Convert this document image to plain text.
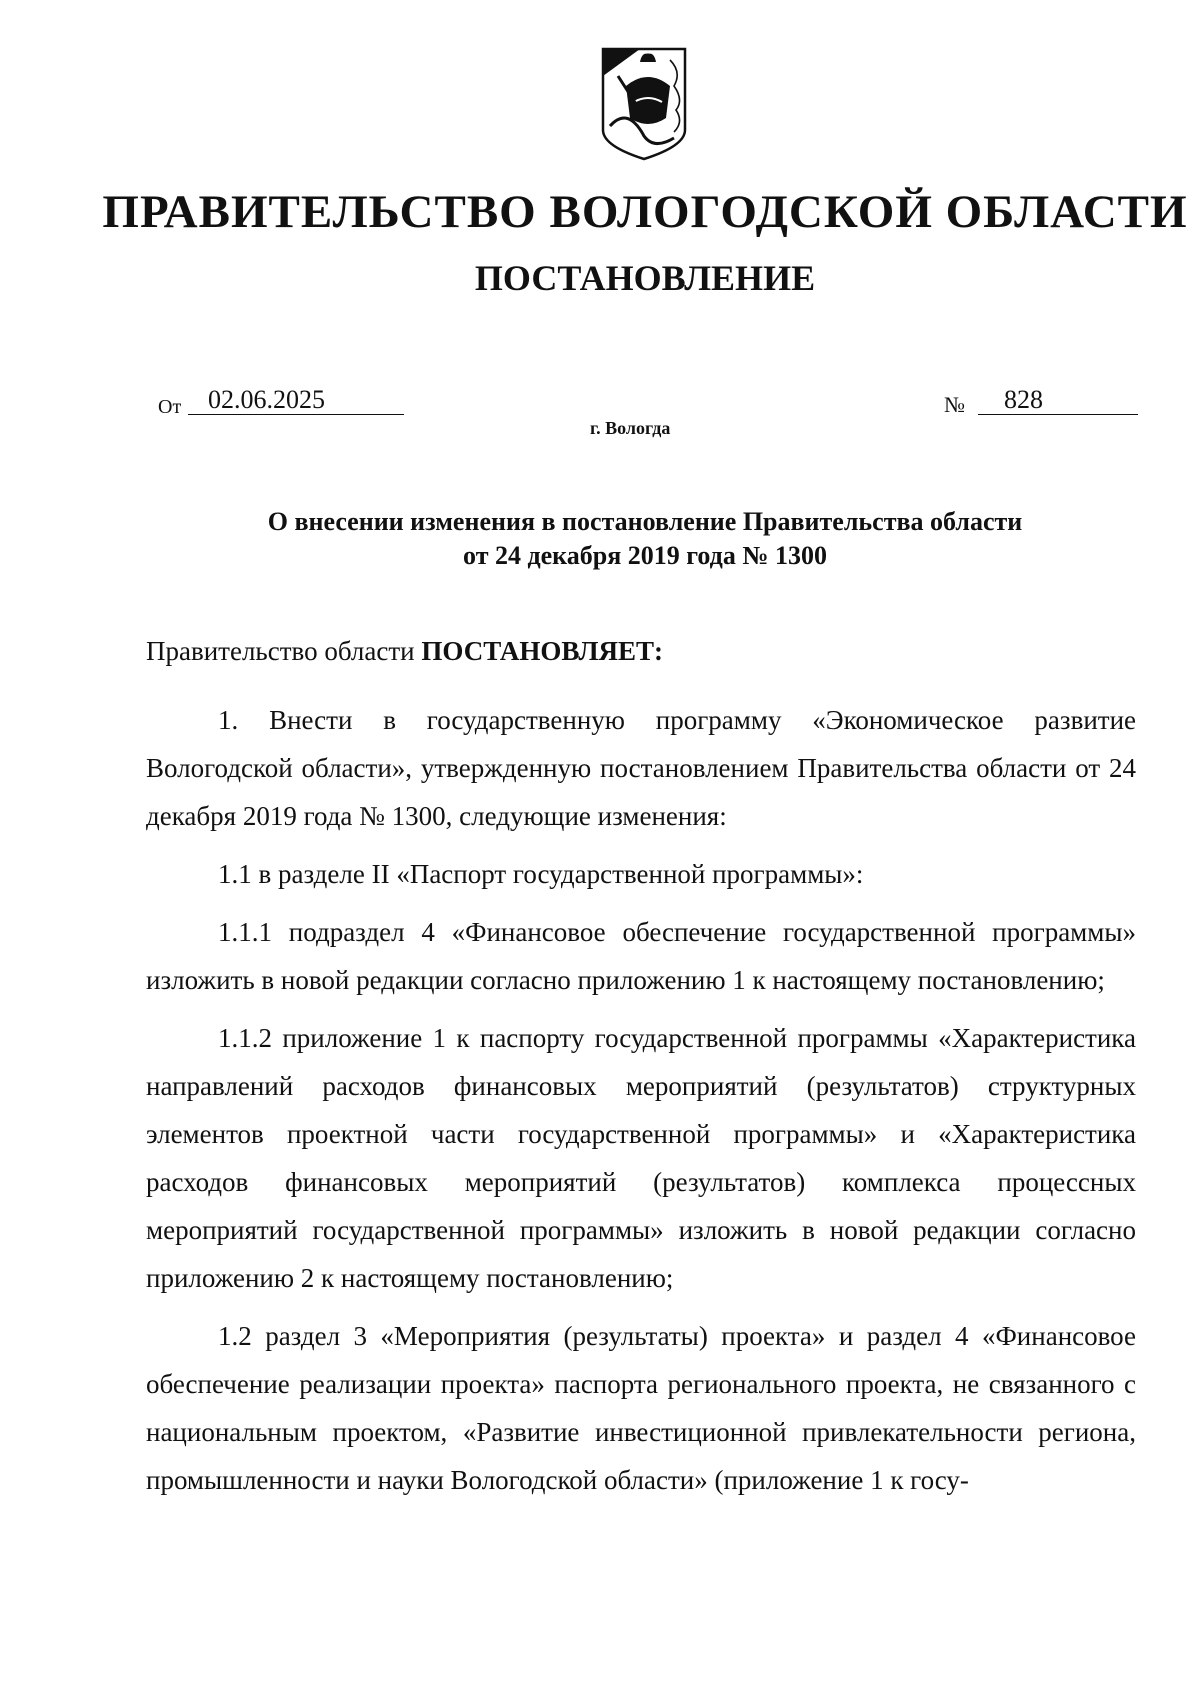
ПРАВИТЕЛЬСТВО ВОЛОГОДСКОЙ ОБЛАСТИ
ПОСТАНОВЛЕНИЕ
От 02.06.2025	№ 828
г. Вологда
О внесении изменения в постановление Правительства области
от 24 декабря 2019 года № 1300

Правительство области ПОСТАНОВЛЯЕТ:

1. Внести в государственную программу «Экономическое развитие Вологодской области», утвержденную постановлением Правительства области от 24 декабря 2019 года № 1300, следующие изменения:

1.1 в разделе II «Паспорт государственной программы»:

1.1.1 подраздел 4 «Финансовое обеспечение государственной программы» изложить в новой редакции согласно приложению 1 к настоящему постановлению;

1.1.2 приложение 1 к паспорту государственной программы «Характеристика направлений расходов финансовых мероприятий (результатов) структурных элементов проектной части государственной программы» и «Характеристика расходов финансовых мероприятий (результатов) комплекса процессных мероприятий государственной программы» изложить в новой редакции согласно приложению 2 к настоящему постановлению;

1.2 раздел 3 «Мероприятия (результаты) проекта» и раздел 4 «Финансовое обеспечение реализации проекта» паспорта регионального проекта, не связанного с национальным проектом, «Развитие инвестиционной привлекательности региона, промышленности и науки Вологодской области» (приложение 1 к госу-
